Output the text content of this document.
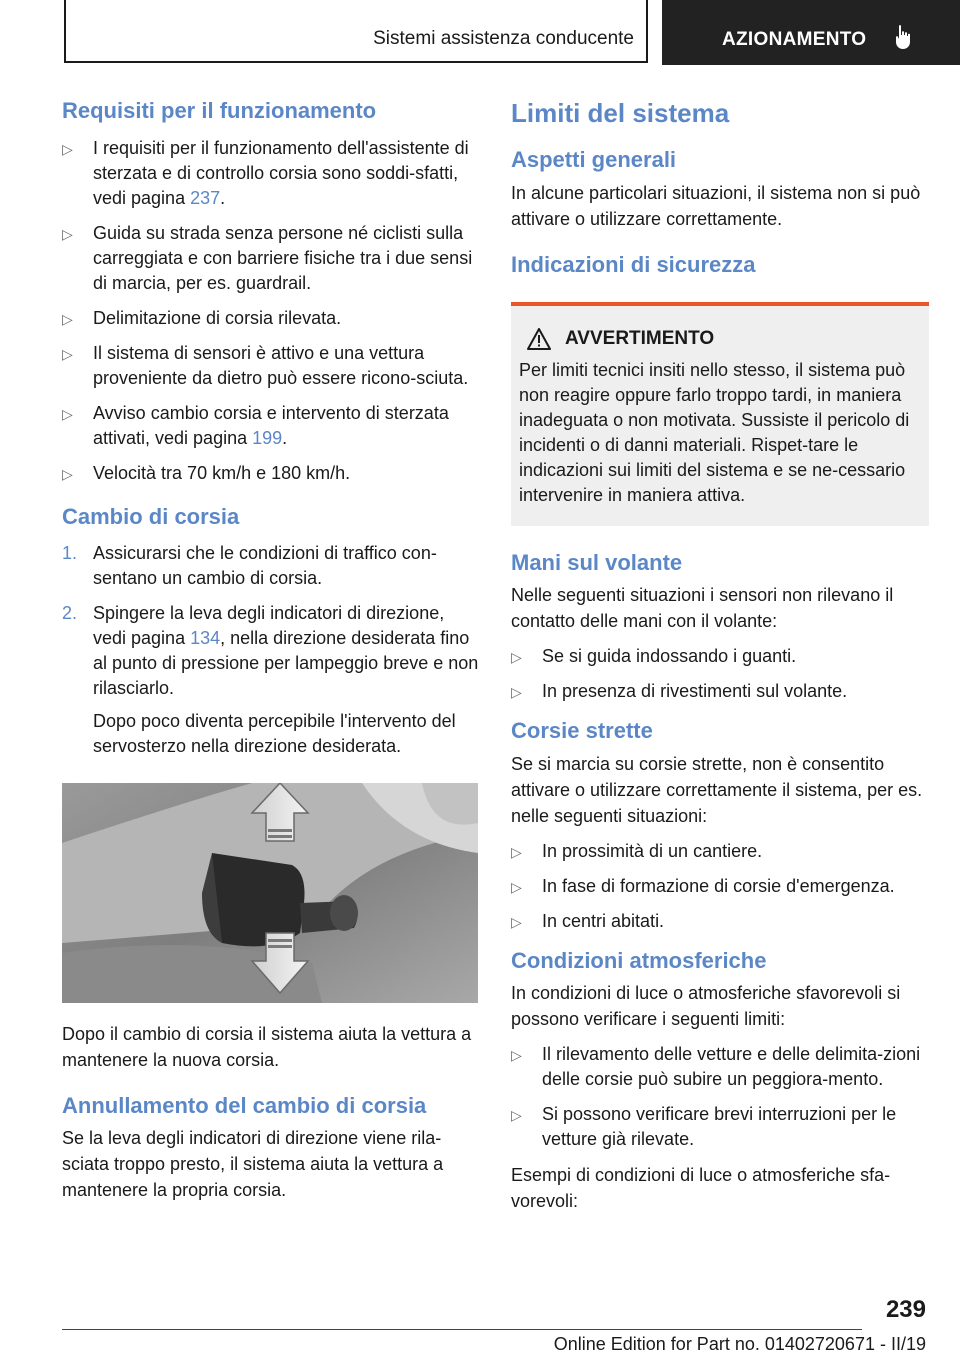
Sistemi assistenza conducente	AZIONAMENTO
Requisiti per il funzionamento
▷ I requisiti per il funzionamento dell'assistente di sterzata e di controllo corsia sono soddi‐sfatti, vedi pagina 237.
▷ Guida su strada senza persone né ciclisti sulla carreggiata e con barriere fisiche tra i due sensi di marcia, per es. guardrail.
▷ Delimitazione di corsia rilevata.
▷ Il sistema di sensori è attivo e una vettura proveniente da dietro può essere ricono‐sciuta.
▷ Avviso cambio corsia e intervento di sterzata attivati, vedi pagina 199.
▷ Velocità tra 70 km/h e 180 km/h.
Cambio di corsia
1. Assicurarsi che le condizioni di traffico con‐sentano un cambio di corsia.
2. Spingere la leva degli indicatori di direzione, vedi pagina 134, nella direzione desiderata fino al punto di pressione per lampeggio breve e non rilasciarlo.
Dopo poco diventa percepibile l'intervento del servosterzo nella direzione desiderata.

Dopo il cambio di corsia il sistema aiuta la vettura a mantenere la nuova corsia.

Annullamento del cambio di corsia

Se la leva degli indicatori di direzione viene rila‐sciata troppo presto, il sistema aiuta la vettura a mantenere la propria corsia.

Limiti del sistema
Aspetti generali

In alcune particolari situazioni, il sistema non si può attivare o utilizzare correttamente.

Indicazioni di sicurezza
AVVERTIMENTO

Per limiti tecnici insiti nello stesso, il sistema può non reagire oppure farlo troppo tardi, in maniera inadeguata o non motivata. Sussiste il pericolo di incidenti o di danni materiali. Rispet‐tare le indicazioni sui limiti del sistema e se ne‐cessario intervenire in maniera attiva.

Mani sul volante

Nelle seguenti situazioni i sensori non rilevano il contatto delle mani con il volante:

▷ Se si guida indossando i guanti.
▷ In presenza di rivestimenti sul volante.
Corsie strette

Se si marcia su corsie strette, non è consentito attivare o utilizzare correttamente il sistema, per es. nelle seguenti situazioni:

▷ In prossimità di un cantiere.
▷ In fase di formazione di corsie d'emergenza.
▷ In centri abitati.
Condizioni atmosferiche

In condizioni di luce o atmosferiche sfavorevoli si possono verificare i seguenti limiti:

▷ Il rilevamento delle vetture e delle delimita‐zioni delle corsie può subire un peggiora‐mento.
▷ Si possono verificare brevi interruzioni per le vetture già rilevate.

Esempi di condizioni di luce o atmosferiche sfa‐vorevoli:

239
Online Edition for Part no. 01402720671 - II/19
